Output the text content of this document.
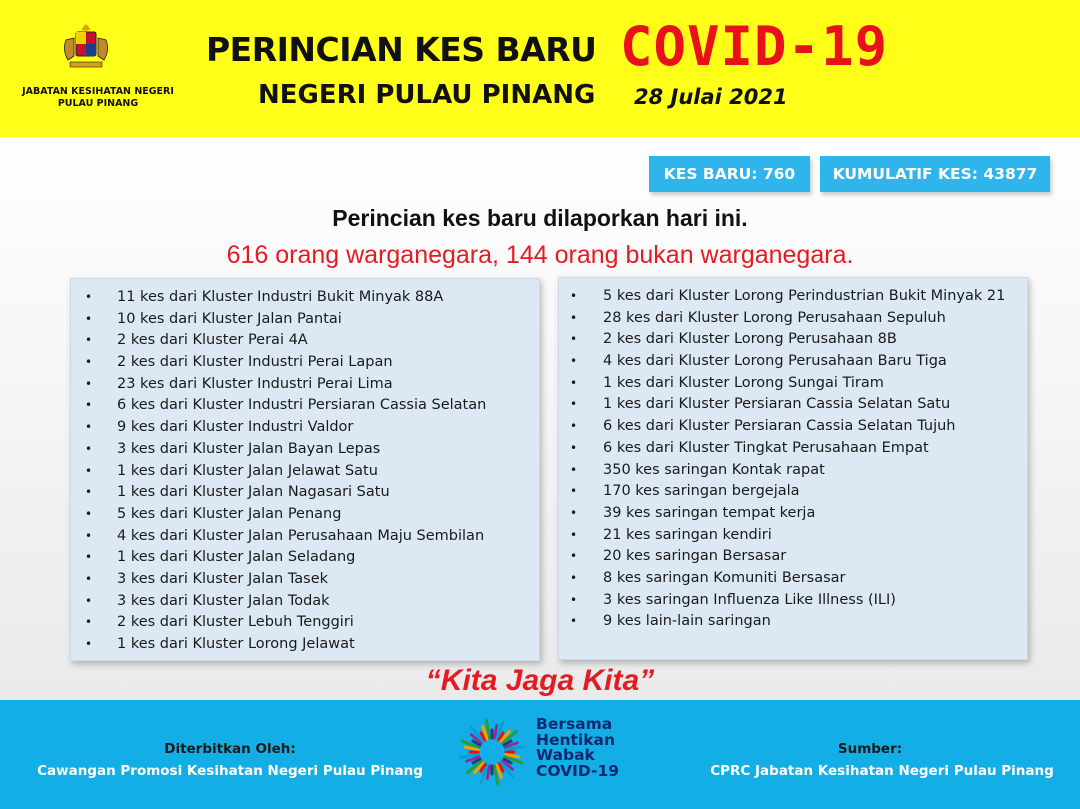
JABATAN KESIHATAN NEGERI PULAU PINANG
PERINCIAN KES BARU COVID-19
NEGERI PULAU PINANG 28 Julai 2021
KES BARU: 760	KUMULATIF KES: 43877
Perincian kes baru dilaporkan hari ini.
616 orang warganegara, 144 orang bukan warganegara.
• 11 kes dari Kluster Industri Bukit Minyak 88A
• 10 kes dari Kluster Jalan Pantai
• 2 kes dari Kluster Perai 4A
• 2 kes dari Kluster Industri Perai Lapan
• 23 kes dari Kluster Industri Perai Lima
• 6 kes dari Kluster Industri Persiaran Cassia Selatan
• 9 kes dari Kluster Industri Valdor
• 3 kes dari Kluster Jalan Bayan Lepas
• 1 kes dari Kluster Jalan Jelawat Satu
• 1 kes dari Kluster Jalan Nagasari Satu
• 5 kes dari Kluster Jalan Penang
• 4 kes dari Kluster Jalan Perusahaan Maju Sembilan
• 1 kes dari Kluster Jalan Seladang
• 3 kes dari Kluster Jalan Tasek
• 3 kes dari Kluster Jalan Todak
• 2 kes dari Kluster Lebuh Tenggiri
• 1 kes dari Kluster Lorong Jelawat
• 5 kes dari Kluster Lorong Perindustrian Bukit Minyak 21
• 28 kes dari Kluster Lorong Perusahaan Sepuluh
• 2 kes dari Kluster Lorong Perusahaan 8B
• 4 kes dari Kluster Lorong Perusahaan Baru Tiga
• 1 kes dari Kluster Lorong Sungai Tiram
• 1 kes dari Kluster Persiaran Cassia Selatan Satu
• 6 kes dari Kluster Persiaran Cassia Selatan Tujuh
• 6 kes dari Kluster Tingkat Perusahaan Empat
• 350 kes saringan Kontak rapat
• 170 kes saringan bergejala
• 39 kes saringan tempat kerja
• 21 kes saringan kendiri
• 20 kes saringan Bersasar
• 8 kes saringan Komuniti Bersasar
• 3 kes saringan Influenza Like Illness (ILI)
• 9 kes lain-lain saringan
“Kita Jaga Kita”
Diterbitkan Oleh:
Cawangan Promosi Kesihatan Negeri Pulau Pinang
Sumber:
CPRC Jabatan Kesihatan Negeri Pulau Pinang
Bersama
Hentikan
Wabak
COVID-19
